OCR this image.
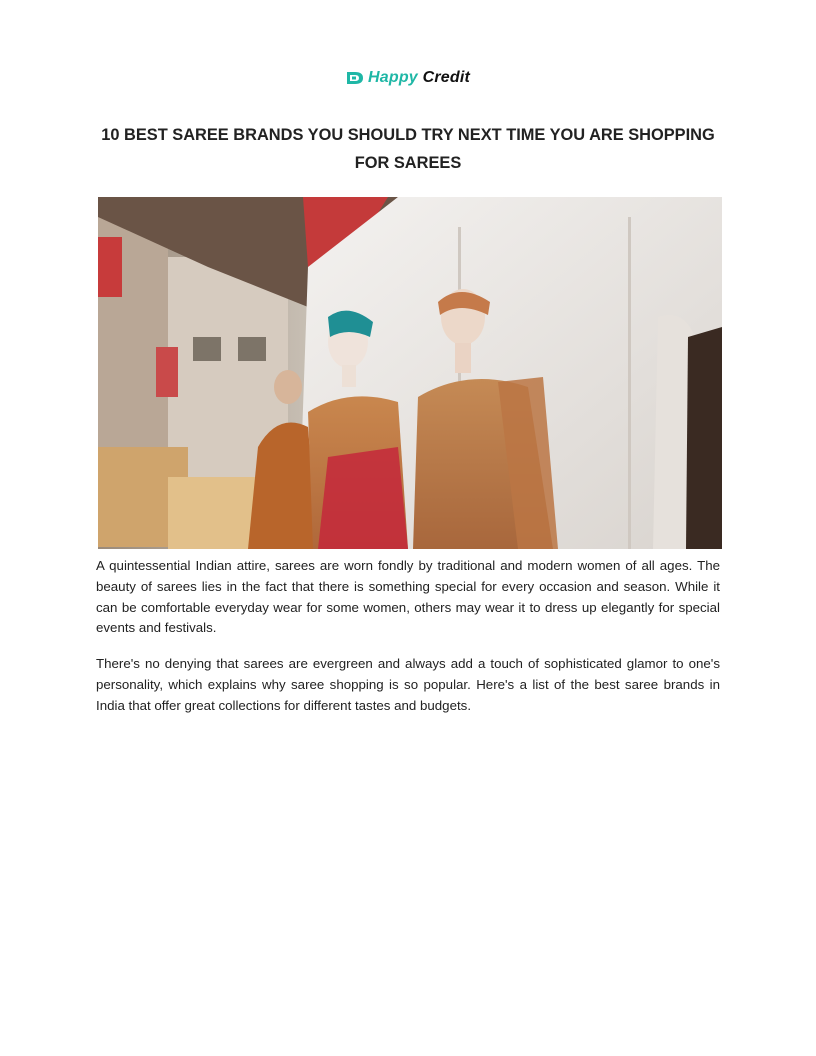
Happy Credit
10 BEST SAREE BRANDS YOU SHOULD TRY NEXT TIME YOU ARE SHOPPING FOR SAREES

A quintessential Indian attire, sarees are worn fondly by traditional and modern women of all ages. The beauty of sarees lies in the fact that there is something special for every occasion and season. While it can be comfortable everyday wear for some women, others may wear it to dress up elegantly for special events and festivals.

There's no denying that sarees are evergreen and always add a touch of sophisticated glamor to one's personality, which explains why saree shopping is so popular. Here's a list of the best saree brands in India that offer great collections for different tastes and budgets.
